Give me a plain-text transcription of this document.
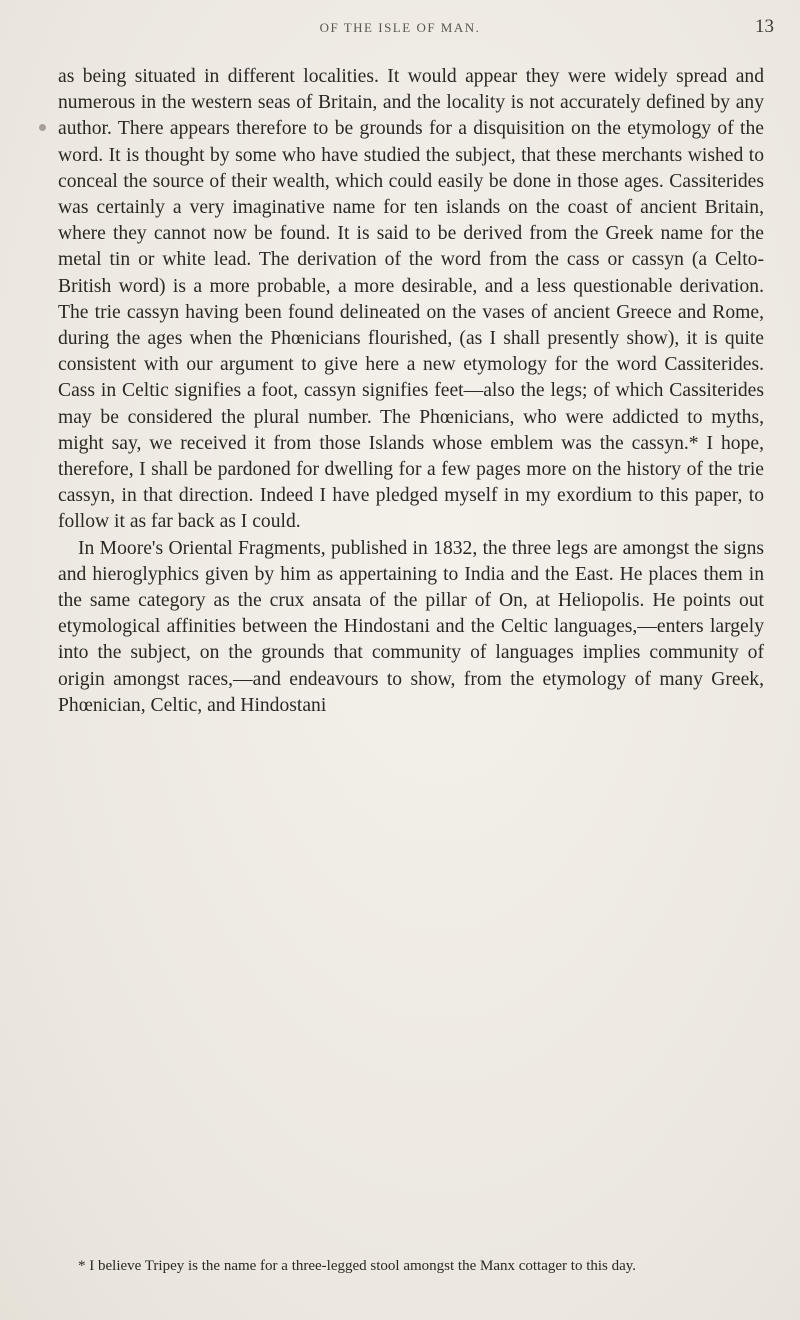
OF THE ISLE OF MAN.	13

as being situated in different localities. It would appear they were widely spread and numerous in the western seas of Britain, and the locality is not accurately defined by any author. There appears therefore to be grounds for a disquisition on the etymology of the word. It is thought by some who have studied the subject, that these merchants wished to conceal the source of their wealth, which could easily be done in those ages. Cassiterides was certainly a very imaginative name for ten islands on the coast of ancient Britain, where they cannot now be found. It is said to be derived from the Greek name for the metal tin or white lead. The derivation of the word from the cass or cassyn (a Celto-British word) is a more probable, a more desirable, and a less questionable derivation. The trie cassyn having been found delineated on the vases of ancient Greece and Rome, during the ages when the Phœnicians flourished, (as I shall presently show), it is quite consistent with our argument to give here a new etymology for the word Cassiterides. Cass in Celtic signifies a foot, cassyn signifies feet—also the legs; of which Cassiterides may be considered the plural number. The Phœnicians, who were addicted to myths, might say, we received it from those Islands whose emblem was the cassyn.* I hope, therefore, I shall be pardoned for dwelling for a few pages more on the history of the trie cassyn, in that direction. Indeed I have pledged myself in my exordium to this paper, to follow it as far back as I could.

In Moore's Oriental Fragments, published in 1832, the three legs are amongst the signs and hieroglyphics given by him as appertaining to India and the East. He places them in the same category as the crux ansata of the pillar of On, at Heliopolis. He points out etymological affinities between the Hindostani and the Celtic languages,—enters largely into the subject, on the grounds that community of languages implies community of origin amongst races,—and endeavours to show, from the etymology of many Greek, Phœnician, Celtic, and Hindostani

* I believe Tripey is the name for a three-legged stool amongst the Manx cottager to this day.
